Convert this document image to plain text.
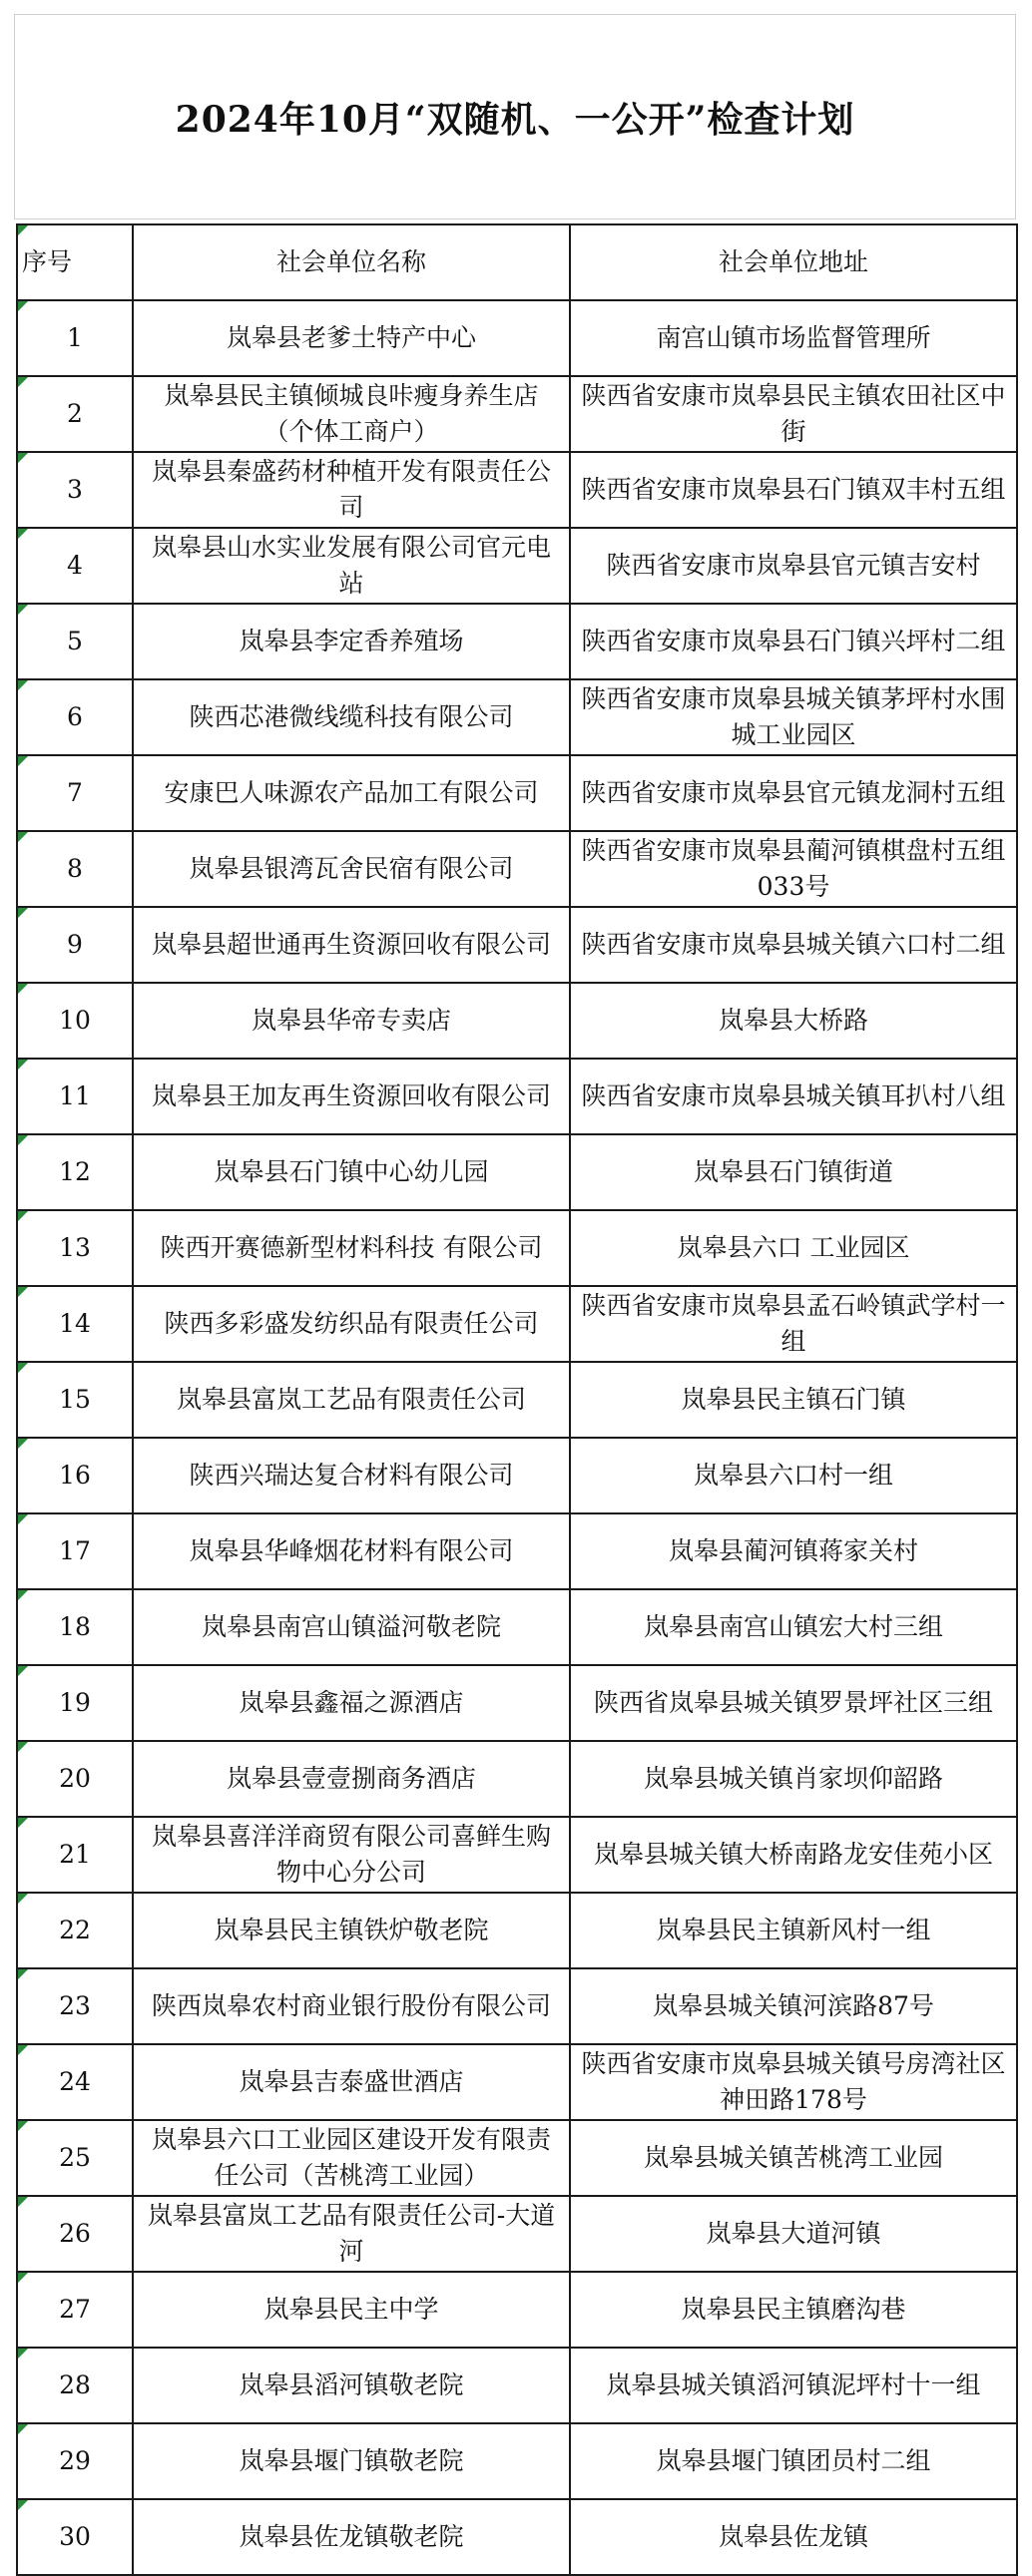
2024年10月“双随机、一公开”检查计划
序号	社会单位名称	社会单位地址

1	岚皋县老爹土特产中心	南宫山镇市场监督管理所

2	岚皋县民主镇倾城良咔瘦身养生店（个体工商户）	陕西省安康市岚皋县民主镇农田社区中街

3	岚皋县秦盛药材种植开发有限责任公司	陕西省安康市岚皋县石门镇双丰村五组

4	岚皋县山水实业发展有限公司官元电站	陕西省安康市岚皋县官元镇吉安村

5	岚皋县李定香养殖场	陕西省安康市岚皋县石门镇兴坪村二组

6	陕西芯港微线缆科技有限公司	陕西省安康市岚皋县城关镇茅坪村水围城工业园区

7	安康巴人味源农产品加工有限公司	陕西省安康市岚皋县官元镇龙洞村五组

8	岚皋县银湾瓦舍民宿有限公司	陕西省安康市岚皋县蔺河镇棋盘村五组033号

9	岚皋县超世通再生资源回收有限公司	陕西省安康市岚皋县城关镇六口村二组

10	岚皋县华帝专卖店	岚皋县大桥路

11	岚皋县王加友再生资源回收有限公司	陕西省安康市岚皋县城关镇耳扒村八组

12	岚皋县石门镇中心幼儿园	岚皋县石门镇街道

13	陕西开赛德新型材料科技 有限公司	岚皋县六口 工业园区

14	陕西多彩盛发纺织品有限责任公司	陕西省安康市岚皋县孟石岭镇武学村一组

15	岚皋县富岚工艺品有限责任公司	岚皋县民主镇石门镇

16	陕西兴瑞达复合材料有限公司	岚皋县六口村一组

17	岚皋县华峰烟花材料有限公司	岚皋县蔺河镇蒋家关村

18	岚皋县南宫山镇溢河敬老院	岚皋县南宫山镇宏大村三组

19	岚皋县鑫福之源酒店	陕西省岚皋县城关镇罗景坪社区三组

20	岚皋县壹壹捌商务酒店	岚皋县城关镇肖家坝仰韶路

21	岚皋县喜洋洋商贸有限公司喜鲜生购物中心分公司	岚皋县城关镇大桥南路龙安佳苑小区

22	岚皋县民主镇铁炉敬老院	岚皋县民主镇新风村一组

23	陕西岚皋农村商业银行股份有限公司	岚皋县城关镇河滨路87号

24	岚皋县吉泰盛世酒店	陕西省安康市岚皋县城关镇号房湾社区神田路178号

25	岚皋县六口工业园区建设开发有限责任公司（苦桃湾工业园）	岚皋县城关镇苦桃湾工业园

26	岚皋县富岚工艺品有限责任公司-大道河	岚皋县大道河镇

27	岚皋县民主中学	岚皋县民主镇磨沟巷

28	岚皋县滔河镇敬老院	岚皋县城关镇滔河镇泥坪村十一组

29	岚皋县堰门镇敬老院	岚皋县堰门镇团员村二组

30	岚皋县佐龙镇敬老院	岚皋县佐龙镇
